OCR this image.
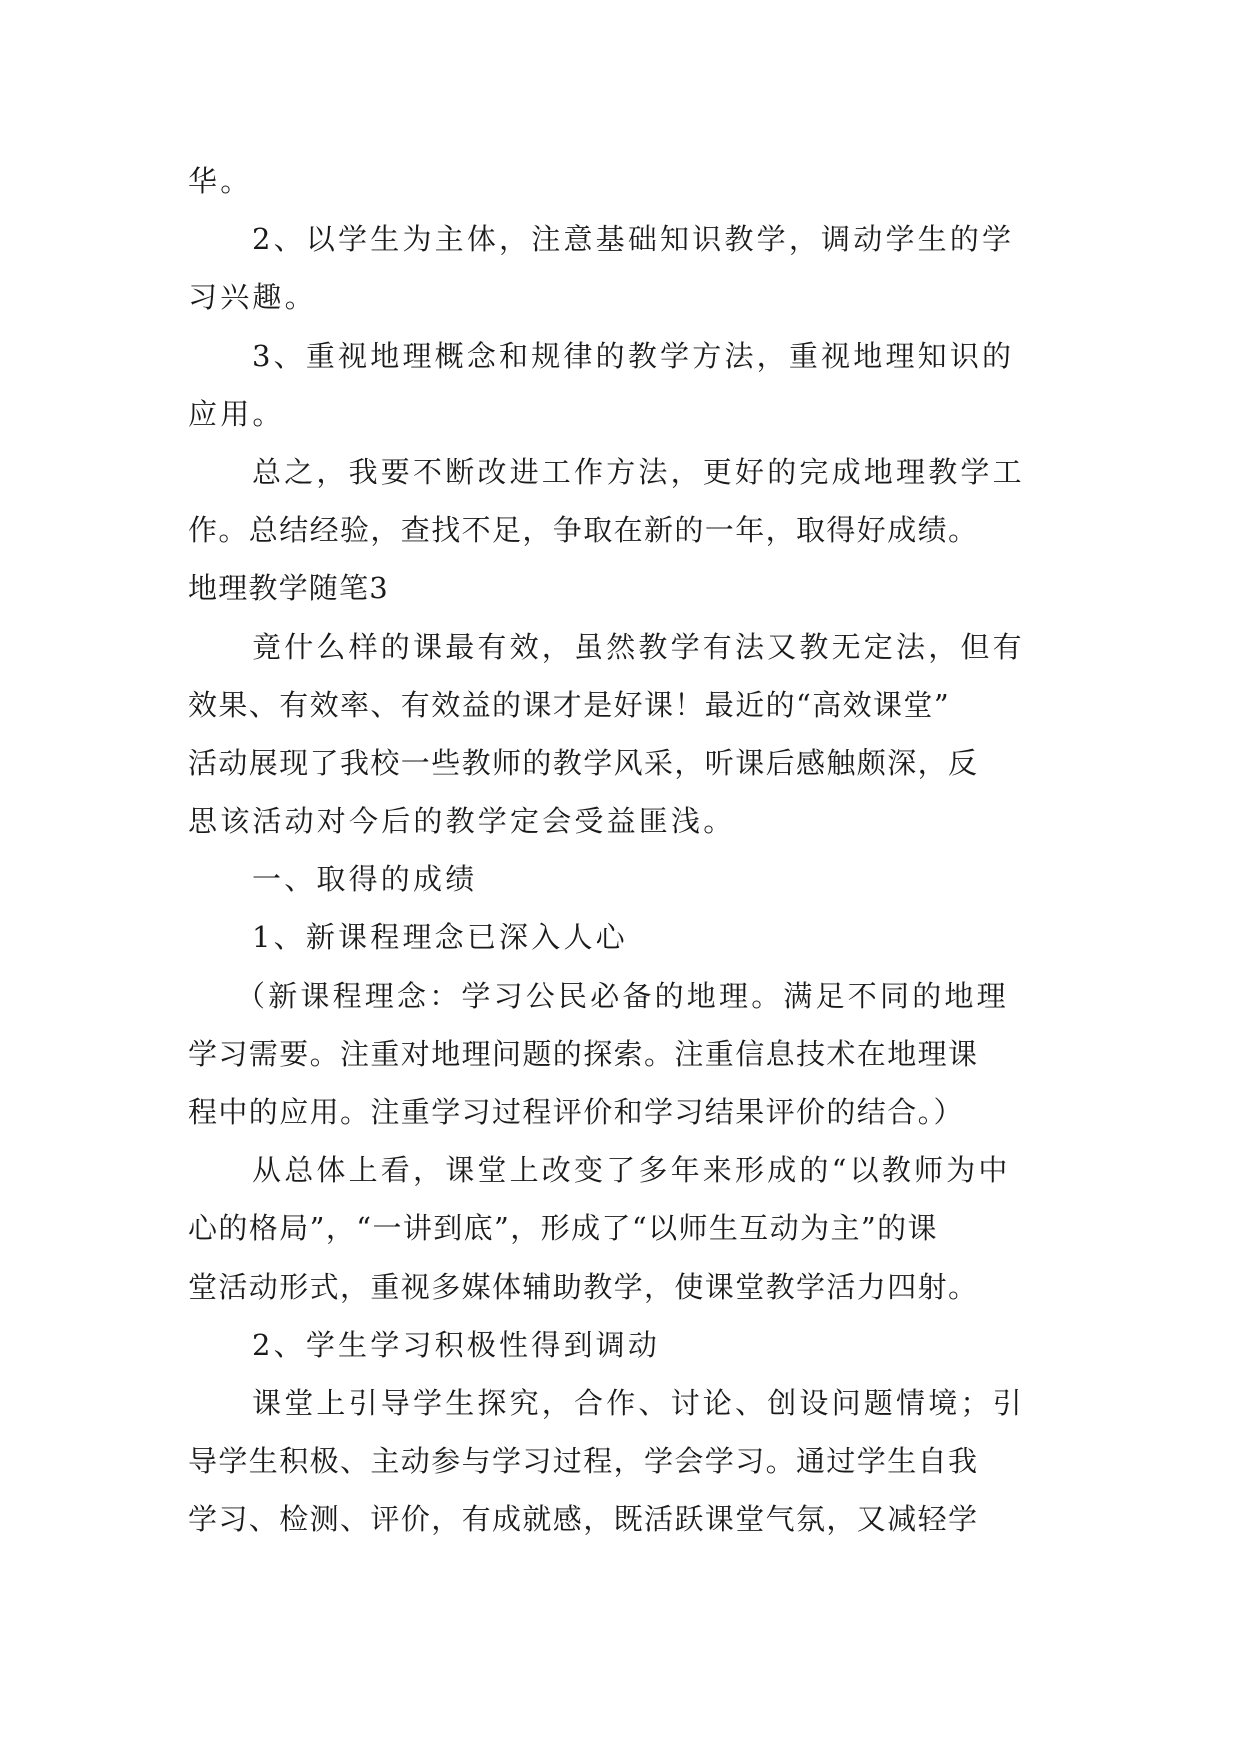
华。
2、以学生为主体，注意基础知识教学，调动学生的学
习兴趣。
3、重视地理概念和规律的教学方法，重视地理知识的
应用。
总之，我要不断改进工作方法，更好的完成地理教学工
作。总结经验，查找不足，争取在新的一年，取得好成绩。
地理教学随笔3
竟什么样的课最有效，虽然教学有法又教无定法，但有
效果、有效率、有效益的课才是好课！最近的“高效课堂”
活动展现了我校一些教师的教学风采，听课后感触颇深，反
思该活动对今后的教学定会受益匪浅。
一、取得的成绩
1、新课程理念已深入人心
（新课程理念：学习公民必备的地理。满足不同的地理
学习需要。注重对地理问题的探索。注重信息技术在地理课
程中的应用。注重学习过程评价和学习结果评价的结合。）
从总体上看，课堂上改变了多年来形成的“以教师为中
心的格局”，“一讲到底”，形成了“以师生互动为主”的课
堂活动形式，重视多媒体辅助教学，使课堂教学活力四射。
2、学生学习积极性得到调动
课堂上引导学生探究，合作、讨论、创设问题情境；引
导学生积极、主动参与学习过程，学会学习。通过学生自我
学习、检测、评价，有成就感，既活跃课堂气氛，又减轻学
